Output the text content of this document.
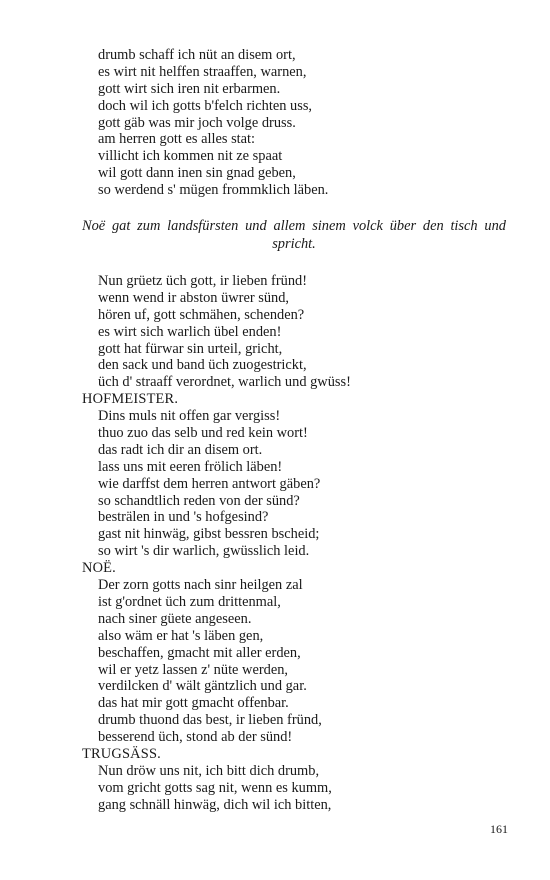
drumb schaff ich nüt an disem ort,
es wirt nit helffen straaffen, warnen,
gott wirt sich iren nit erbarmen.
doch wil ich gotts b'felch richten uss,
gott gäb was mir joch volge druss.
am herren gott es alles stat:
villicht ich kommen nit ze spaat
wil gott dann inen sin gnad geben,
so werdend s' mügen frommklich läben.
Noë gat zum landsfürsten und allem sinem volck über den tisch und spricht.
Nun grüetz üch gott, ir lieben fründ!
wenn wend ir abston üwrer sünd,
hören uf, gott schmähen, schenden?
es wirt sich warlich übel enden!
gott hat fürwar sin urteil, gricht,
den sack und band üch zuogestrickt,
üch d' straaff verordnet, warlich und gwüss!
HOFMEISTER.
Dins muls nit offen gar vergiss!
thuo zuo das selb und red kein wort!
das radt ich dir an disem ort.
lass uns mit eeren frölich läben!
wie darffst dem herren antwort gäben?
so schandtlich reden von der sünd?
besträlen in und 's hofgesind?
gast nit hinwäg, gibst bessren bscheid;
so wirt 's dir warlich, gwüsslich leid.
NOË.
Der zorn gotts nach sinr heilgen zal
ist g'ordnet üch zum drittenmal,
nach siner güete angeseen.
also wäm er hat 's läben gen,
beschaffen, gmacht mit aller erden,
wil er yetz lassen z' nüte werden,
verdilcken d' wält gäntzlich und gar.
das hat mir gott gmacht offenbar.
drumb thuond das best, ir lieben fründ,
besserend üch, stond ab der sünd!
TRUGSÄSS.
Nun dröw uns nit, ich bitt dich drumb,
vom gricht gotts sag nit, wenn es kumm,
gang schnäll hinwäg, dich wil ich bitten,
161
